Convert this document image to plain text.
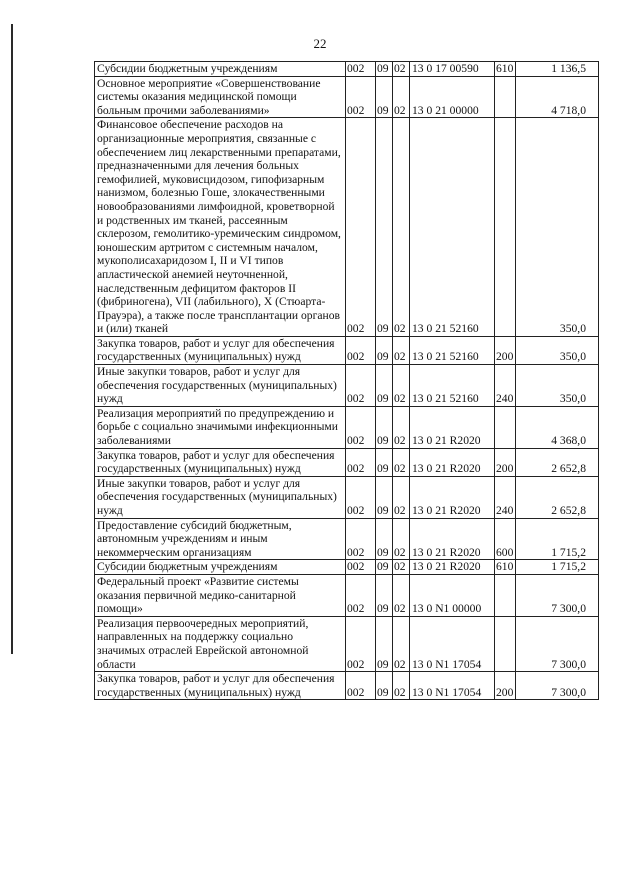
22
Субсидии бюджетным учреждениям	002	09	02	13 0 17 00590	610	1 136,5
Основное мероприятие «Совершенствование системы оказания медицинской помощи больным прочими заболеваниями»	002	09	02	13 0 21 00000		4 718,0
Финансовое обеспечение расходов на организационные мероприятия, связанные с обеспечением лиц лекарственными препаратами, предназначенными для лечения больных гемофилией, муковисцидозом, гипофизарным нанизмом, болезнью Гоше, злокачественными новообразованиями лимфоидной, кроветворной и родственных им тканей, рассеянным склерозом, гемолитико-уремическим синдромом, юношеским артритом с системным началом, мукополисахаридозом I, II и VI типов апластической анемией неуточненной, наследственным дефицитом факторов II (фибриногена), VII (лабильного), X (Стюарта-Прауэра), а также после трансплантации органов и (или) тканей	002	09	02	13 0 21 52160		350,0
Закупка товаров, работ и услуг для обеспечения государственных (муниципальных) нужд	002	09	02	13 0 21 52160	200	350,0
Иные закупки товаров, работ и услуг для обеспечения государственных (муниципальных) нужд	002	09	02	13 0 21 52160	240	350,0
Реализация мероприятий по предупреждению и борьбе с социально значимыми инфекционными заболеваниями	002	09	02	13 0 21 R2020		4 368,0
Закупка товаров, работ и услуг для обеспечения государственных (муниципальных) нужд	002	09	02	13 0 21 R2020	200	2 652,8
Иные закупки товаров, работ и услуг для обеспечения государственных (муниципальных) нужд	002	09	02	13 0 21 R2020	240	2 652,8
Предоставление субсидий бюджетным, автономным учреждениям и иным некоммерческим организациям	002	09	02	13 0 21 R2020	600	1 715,2
Субсидии бюджетным учреждениям	002	09	02	13 0 21 R2020	610	1 715,2
Федеральный проект «Развитие системы оказания первичной медико-санитарной помощи»	002	09	02	13 0 N1 00000		7 300,0
Реализация первоочередных мероприятий, направленных на поддержку социально значимых отраслей Еврейской автономной области	002	09	02	13 0 N1 17054		7 300,0
Закупка товаров, работ и услуг для обеспечения государственных (муниципальных) нужд	002	09	02	13 0 N1 17054	200	7 300,0
